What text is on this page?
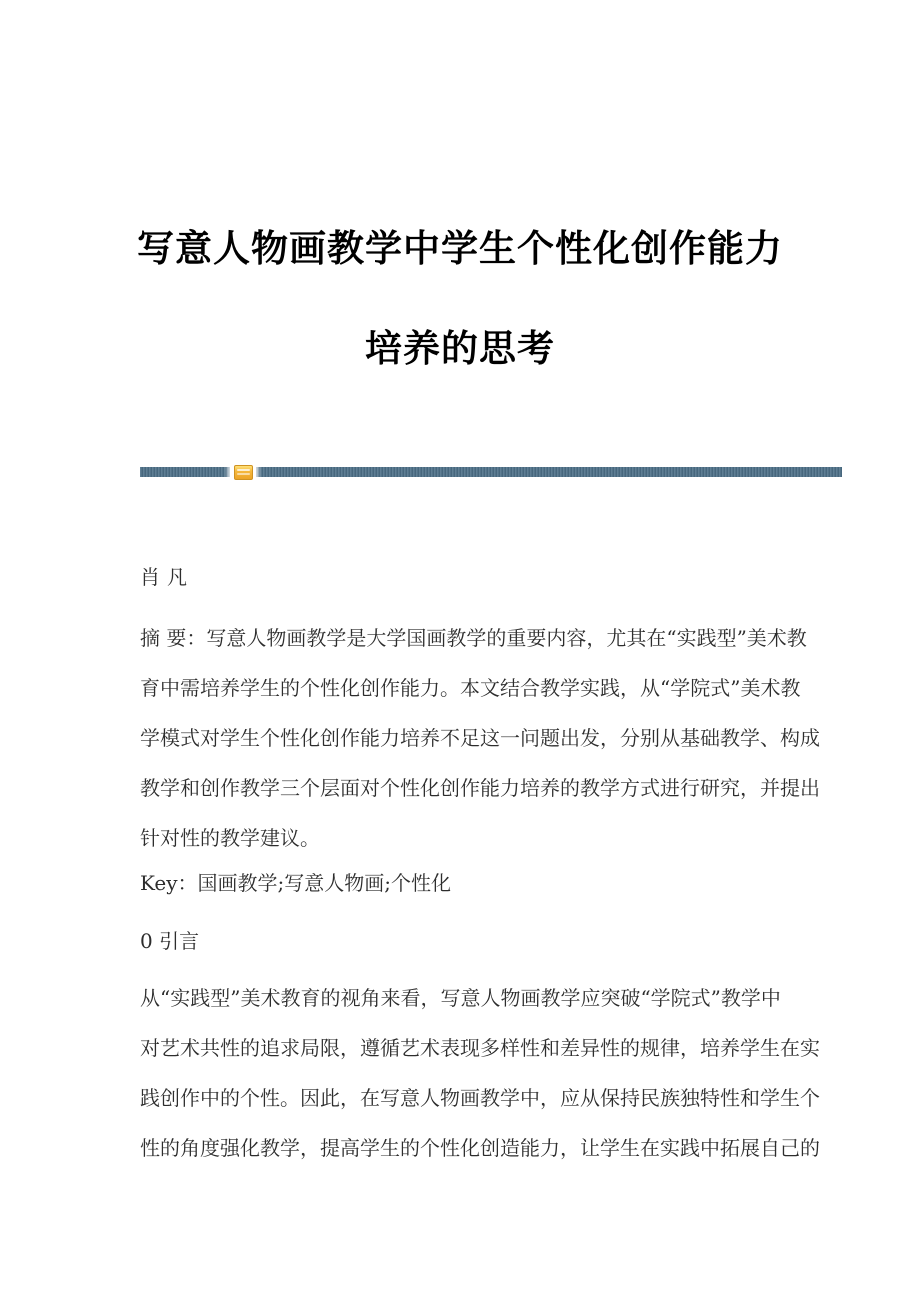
写意人物画教学中学生个性化创作能力
培养的思考
肖凡
摘 要：写意人物画教学是大学国画教学的重要内容，尤其在“实践型”美术教
育中需培养学生的个性化创作能力。本文结合教学实践，从“学院式”美术教
学模式对学生个性化创作能力培养不足这一问题出发，分别从基础教学、构成
教学和创作教学三个层面对个性化创作能力培养的教学方式进行研究，并提出
针对性的教学建议。
Key：国画教学;写意人物画;个性化
0 引言
从“实践型”美术教育的视角来看，写意人物画教学应突破“学院式”教学中
对艺术共性的追求局限，遵循艺术表现多样性和差异性的规律，培养学生在实
践创作中的个性。因此，在写意人物画教学中，应从保持民族独特性和学生个
性的角度强化教学，提高学生的个性化创造能力，让学生在实践中拓展自己的
